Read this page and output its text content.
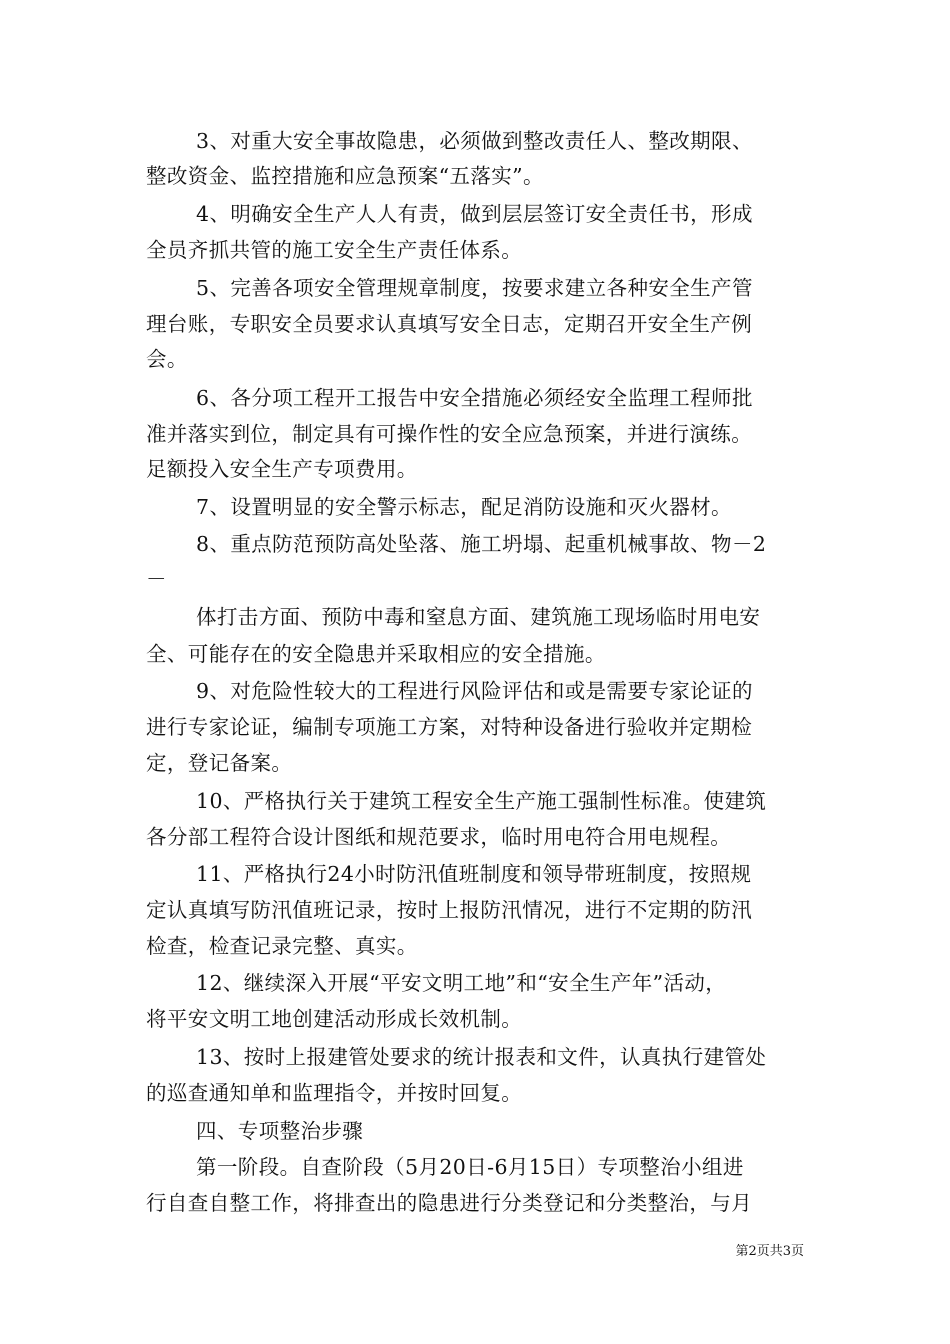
3、对重大安全事故隐患，必须做到整改责任人、整改期限、
整改资金、监控措施和应急预案“五落实”。
4、明确安全生产人人有责，做到层层签订安全责任书，形成
全员齐抓共管的施工安全生产责任体系。
5、完善各项安全管理规章制度，按要求建立各种安全生产管
理台账，专职安全员要求认真填写安全日志，定期召开安全生产例
会。
6、各分项工程开工报告中安全措施必须经安全监理工程师批
准并落实到位，制定具有可操作性的安全应急预案，并进行演练。
足额投入安全生产专项费用。
7、设置明显的安全警示标志，配足消防设施和灭火器材。
8、重点防范预防高处坠落、施工坍塌、起重机械事故、物－2
－
体打击方面、预防中毒和窒息方面、建筑施工现场临时用电安
全、可能存在的安全隐患并采取相应的安全措施。
9、对危险性较大的工程进行风险评估和或是需要专家论证的
进行专家论证，编制专项施工方案，对特种设备进行验收并定期检
定，登记备案。
10、严格执行关于建筑工程安全生产施工强制性标准。使建筑
各分部工程符合设计图纸和规范要求，临时用电符合用电规程。
11、严格执行24小时防汛值班制度和领导带班制度，按照规
定认真填写防汛值班记录，按时上报防汛情况，进行不定期的防汛
检查，检查记录完整、真实。
12、继续深入开展“平安文明工地”和“安全生产年”活动，
将平安文明工地创建活动形成长效机制。
13、按时上报建管处要求的统计报表和文件，认真执行建管处
的巡查通知单和监理指令，并按时回复。
四、专项整治步骤
第一阶段。自查阶段（5月20日-6月15日）专项整治小组进
行自查自整工作，将排查出的隐患进行分类登记和分类整治，与月
第2页共3页
